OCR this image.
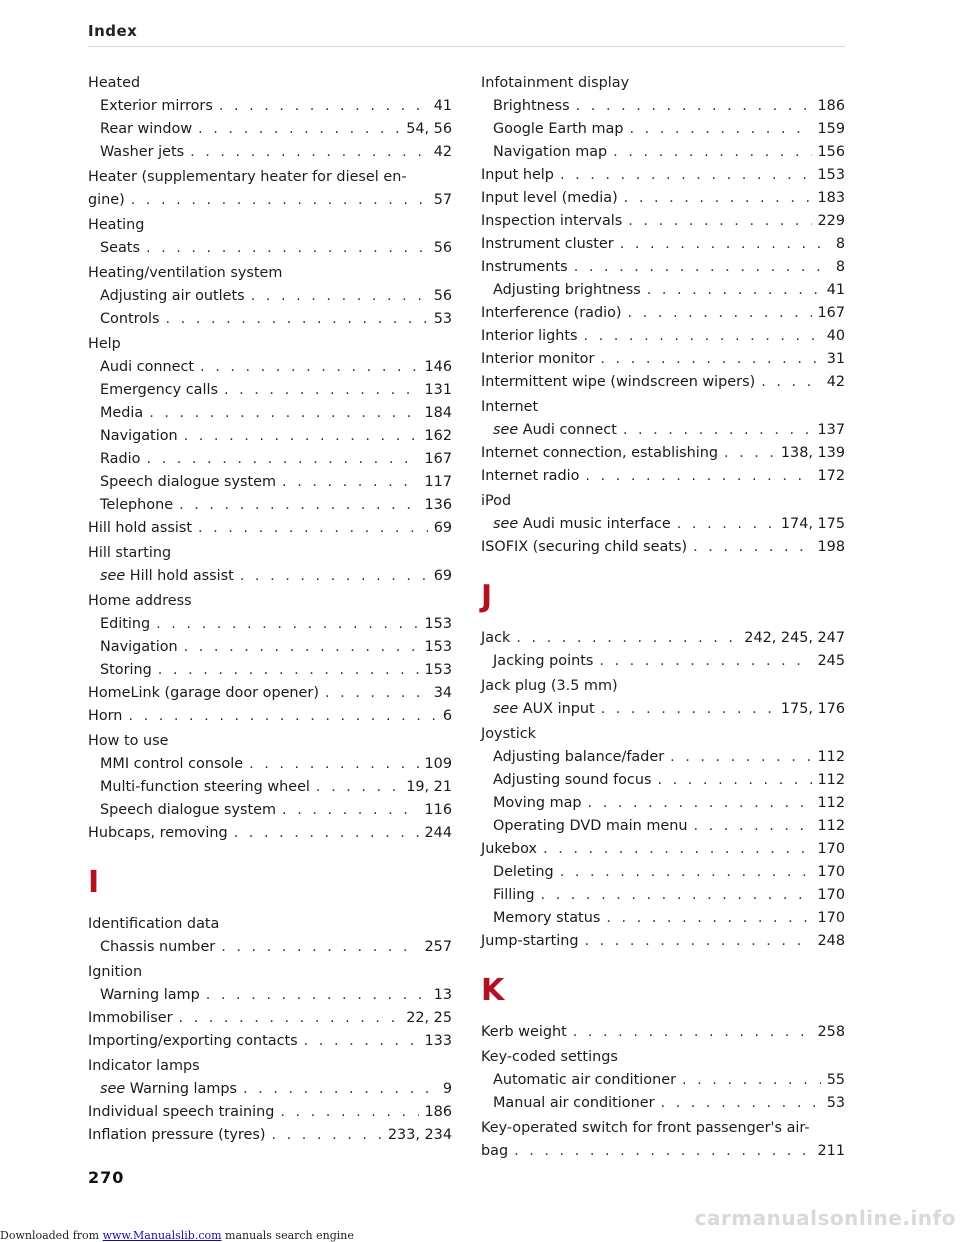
Index
Heated
Exterior mirrors . . .	41
Rear window . . .	54, 56
Washer jets . . .	42
Heater (supplementary heater for diesel en-
gine) . . .	57
Heating
Seats . . .	56
Heating/ventilation system
Adjusting air outlets . . .	56
Controls . . .	53
Help
Audi connect . . .	146
Emergency calls . . .	131
Media . . .	184
Navigation . . .	162
Radio . . .	167
Speech dialogue system . . .	117
Telephone . . .	136
Hill hold assist . . .	69
Hill starting
see Hill hold assist . . .	69
Home address
Editing . . .	153
Navigation . . .	153
Storing . . .	153
HomeLink (garage door opener) . . .	34
Horn . . .	6
How to use
MMI control console . . .	109
Multi-function steering wheel . . .	19, 21
Speech dialogue system . . .	116
Hubcaps, removing . . .	244
I
Identification data
Chassis number . . .	257
Ignition
Warning lamp . . .	13
Immobiliser . . .	22, 25
Importing/exporting contacts . . .	133
Indicator lamps
see Warning lamps . . .	9
Individual speech training . . .	186
Inflation pressure (tyres) . . .	233, 234
Infotainment display
Brightness . . .	186
Google Earth map . . .	159
Navigation map . . .	156
Input help . . .	153
Input level (media) . . .	183
Inspection intervals . . .	229
Instrument cluster . . .	8
Instruments . . .	8
Adjusting brightness . . .	41
Interference (radio) . . .	167
Interior lights . . .	40
Interior monitor . . .	31
Intermittent wipe (windscreen wipers) . . .	42
Internet
see Audi connect . . .	137
Internet connection, establishing . . .	138, 139
Internet radio . . .	172
iPod
see Audi music interface . . .	174, 175
ISOFIX (securing child seats) . . .	198
J
Jack . . .	242, 245, 247
Jacking points . . .	245
Jack plug (3.5 mm)
see AUX input . . .	175, 176
Joystick
Adjusting balance/fader . . .	112
Adjusting sound focus . . .	112
Moving map . . .	112
Operating DVD main menu . . .	112
Jukebox . . .	170
Deleting . . .	170
Filling . . .	170
Memory status . . .	170
Jump-starting . . .	248
K
Kerb weight . . .	258
Key-coded settings
Automatic air conditioner . . .	55
Manual air conditioner . . .	53
Key-operated switch for front passenger's air-
bag . . .	211
270
carmanualsonline.info
Downloaded from www.Manualslib.com manuals search engine
